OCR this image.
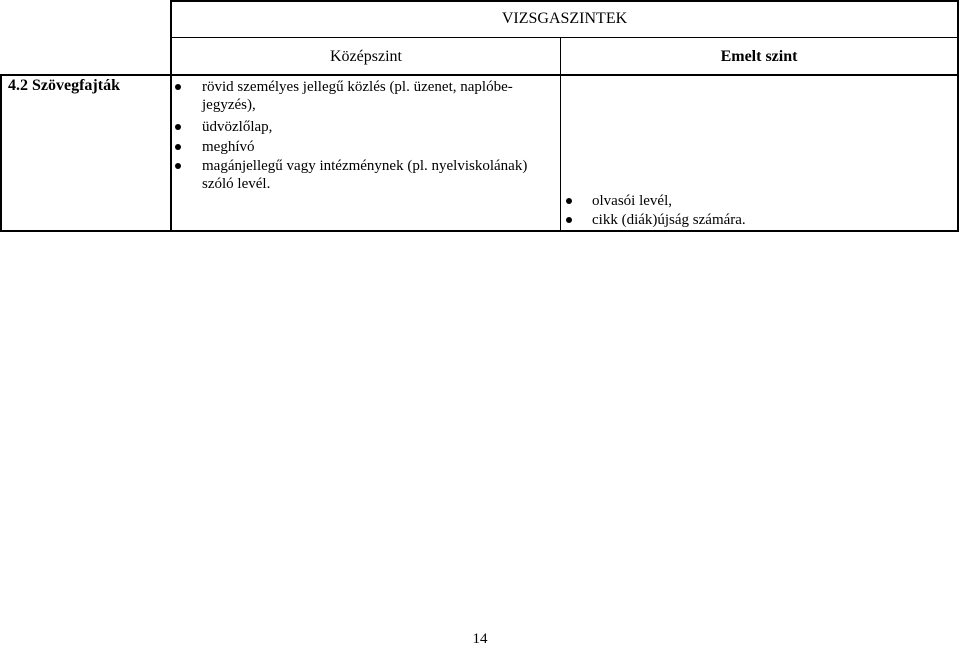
VIZSGASZINTEK
Középszint	Emelt szint
4.2 Szövegfajták	rövid személyes jellegű közlés (pl. üzenet, naplóbe-
jegyzés),
üdvözlőlap,
meghívó
magánjellegű vagy intézménynek (pl. nyelviskolának)
szóló levél.
olvasói levél,
cikk (diák)újság számára.
14
